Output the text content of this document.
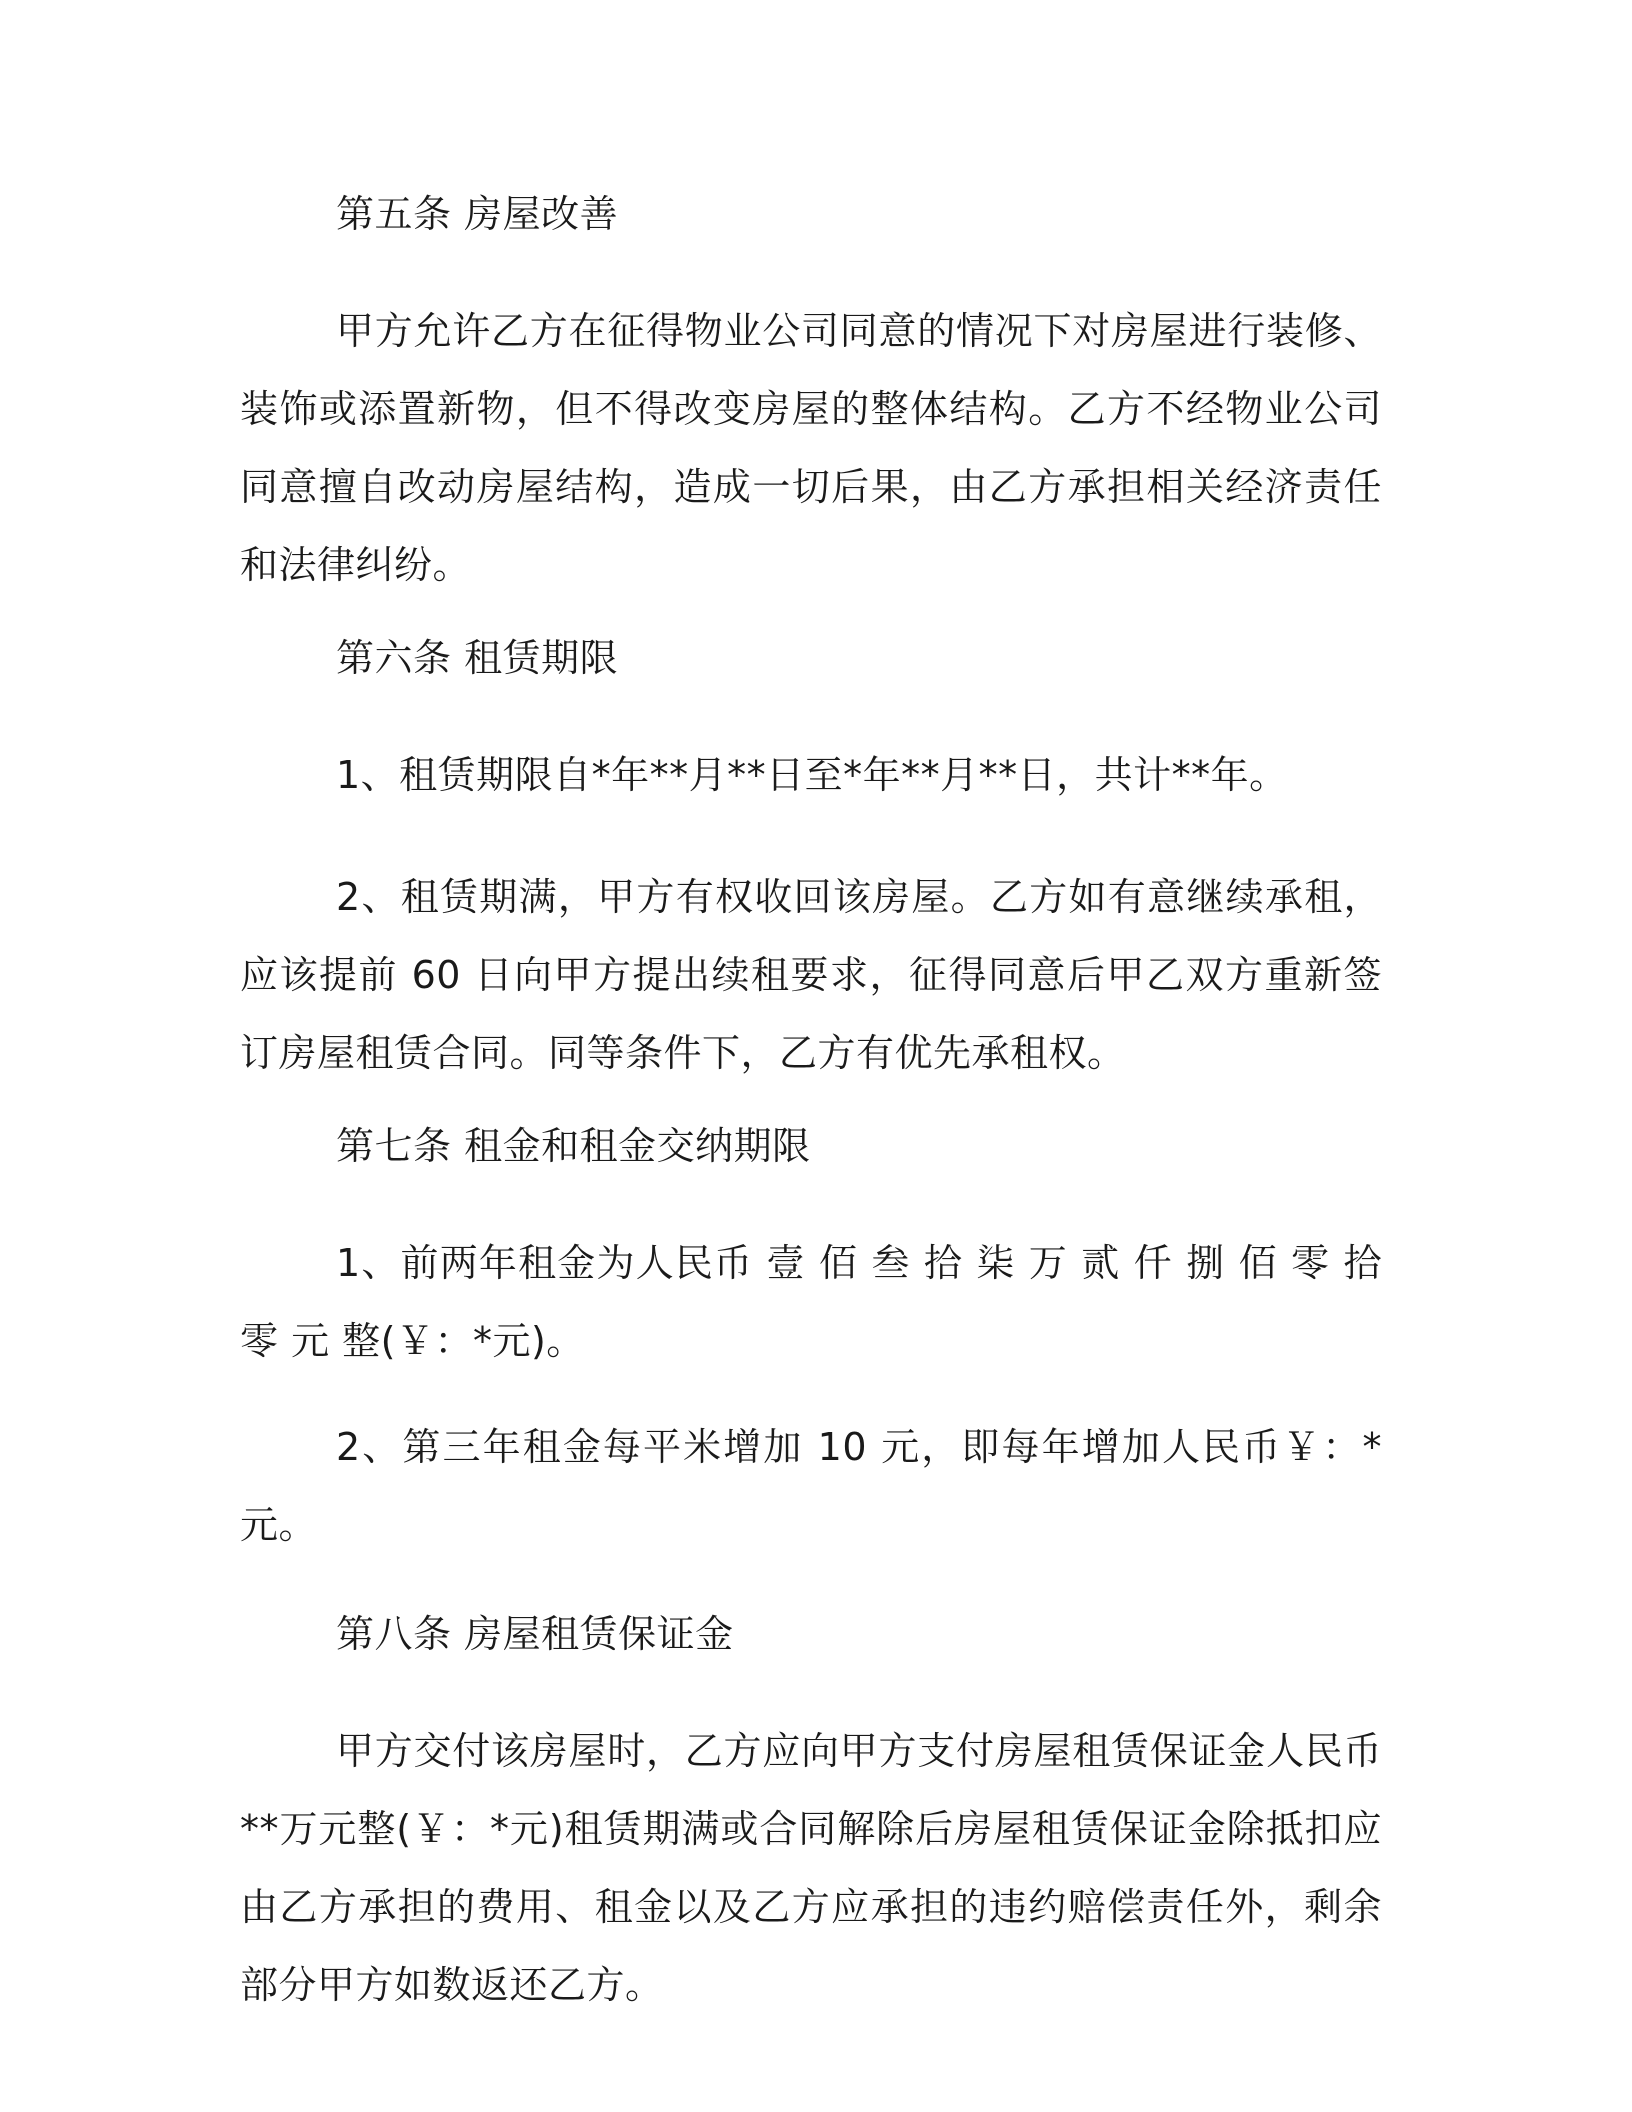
第五条 房屋改善

甲方允许乙方在征得物业公司同意的情况下对房屋进行装修、装饰或添置新物，但不得改变房屋的整体结构。乙方不经物业公司同意擅自改动房屋结构，造成一切后果，由乙方承担相关经济责任和法律纠纷。

第六条 租赁期限

1、租赁期限自*年**月**日至*年**月**日，共计**年。

2、租赁期满，甲方有权收回该房屋。乙方如有意继续承租，应该提前 60 日向甲方提出续租要求，征得同意后甲乙双方重新签订房屋租赁合同。同等条件下，乙方有优先承租权。

第七条 租金和租金交纳期限

1、前两年租金为人民币 壹 佰 叁 拾 柒 万 贰 仟 捌 佰 零 拾 零 元 整(￥：*元)。

2、第三年租金每平米增加 10 元，即每年增加人民币￥：*元。

第八条 房屋租赁保证金

甲方交付该房屋时，乙方应向甲方支付房屋租赁保证金人民币**万元整(￥：*元)租赁期满或合同解除后房屋租赁保证金除抵扣应由乙方承担的费用、租金以及乙方应承担的违约赔偿责任外，剩余部分甲方如数返还乙方。
